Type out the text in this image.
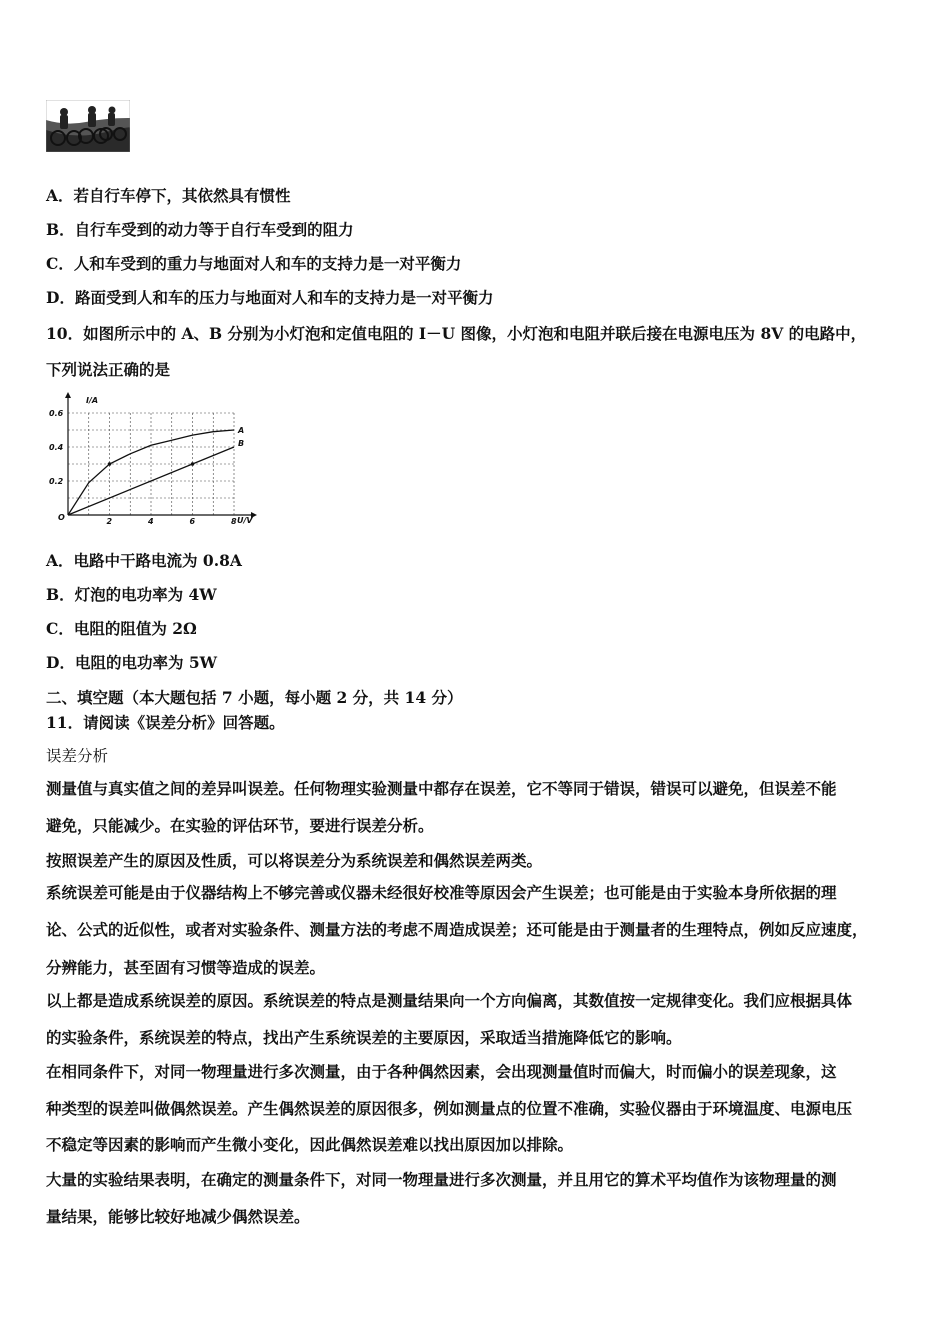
A．若自行车停下，其依然具有惯性
B．自行车受到的动力等于自行车受到的阻力
C．人和车受到的重力与地面对人和车的支持力是一对平衡力
D．路面受到人和车的压力与地面对人和车的支持力是一对平衡力
10．如图所示中的 A、B 分别为小灯泡和定值电阻的 I－U 图像，小灯泡和电阻并联后接在电源电压为 8V 的电路中，
下列说法正确的是
O
I/A
U/V
2	4	6	8
0.2
0.4
0.6
A
B
A．电路中干路电流为 0.8A
B．灯泡的电功率为 4W
C．电阻的阻值为 2Ω
D．电阻的电功率为 5W
二、填空题（本大题包括 7 小题，每小题 2 分，共 14 分）
11．请阅读《误差分析》回答题。
误差分析
测量值与真实值之间的差异叫误差。任何物理实验测量中都存在误差，它不等同于错误，错误可以避免，但误差不能
避免，只能减少。在实验的评估环节，要进行误差分析。
按照误差产生的原因及性质，可以将误差分为系统误差和偶然误差两类。
系统误差可能是由于仪器结构上不够完善或仪器未经很好校准等原因会产生误差；也可能是由于实验本身所依据的理
论、公式的近似性，或者对实验条件、测量方法的考虑不周造成误差；还可能是由于测量者的生理特点，例如反应速度，
分辨能力，甚至固有习惯等造成的误差。
以上都是造成系统误差的原因。系统误差的特点是测量结果向一个方向偏离，其数值按一定规律变化。我们应根据具体
的实验条件，系统误差的特点，找出产生系统误差的主要原因，采取适当措施降低它的影响。
在相同条件下，对同一物理量进行多次测量，由于各种偶然因素，会出现测量值时而偏大，时而偏小的误差现象，这
种类型的误差叫做偶然误差。产生偶然误差的原因很多，例如测量点的位置不准确，实验仪器由于环境温度、电源电压
不稳定等因素的影响而产生微小变化，因此偶然误差难以找出原因加以排除。
大量的实验结果表明，在确定的测量条件下，对同一物理量进行多次测量，并且用它的算术平均值作为该物理量的测
量结果，能够比较好地减少偶然误差。
